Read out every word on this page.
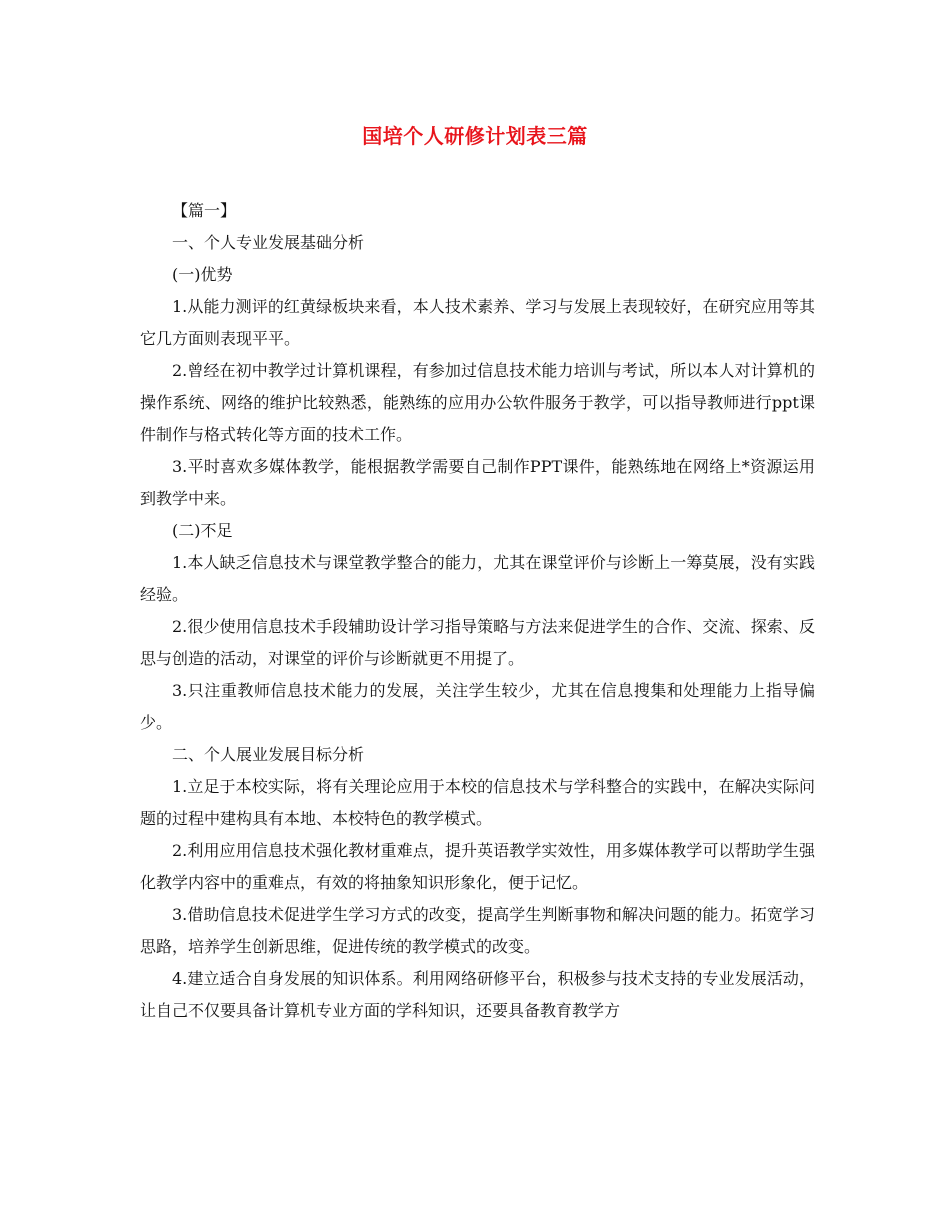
国培个人研修计划表三篇

【篇一】

一、个人专业发展基础分析

(一)优势

1.从能力测评的红黄绿板块来看，本人技术素养、学习与发展上表现较好，在研究应用等其它几方面则表现平平。

2.曾经在初中教学过计算机课程，有参加过信息技术能力培训与考试，所以本人对计算机的操作系统、网络的维护比较熟悉，能熟练的应用办公软件服务于教学，可以指导教师进行ppt课件制作与格式转化等方面的技术工作。

3.平时喜欢多媒体教学，能根据教学需要自己制作PPT课件，能熟练地在网络上*资源运用到教学中来。

(二)不足

1.本人缺乏信息技术与课堂教学整合的能力，尤其在课堂评价与诊断上一筹莫展，没有实践经验。

2.很少使用信息技术手段辅助设计学习指导策略与方法来促进学生的合作、交流、探索、反思与创造的活动，对课堂的评价与诊断就更不用提了。

3.只注重教师信息技术能力的发展，关注学生较少，尤其在信息搜集和处理能力上指导偏少。

二、个人展业发展目标分析

1.立足于本校实际，将有关理论应用于本校的信息技术与学科整合的实践中，在解决实际问题的过程中建构具有本地、本校特色的教学模式。

2.利用应用信息技术强化教材重难点，提升英语教学实效性，用多媒体教学可以帮助学生强化教学内容中的重难点，有效的将抽象知识形象化，便于记忆。

3.借助信息技术促进学生学习方式的改变，提高学生判断事物和解决问题的能力。拓宽学习思路，培养学生创新思维，促进传统的教学模式的改变。

4.建立适合自身发展的知识体系。利用网络研修平台，积极参与技术支持的专业发展活动，让自己不仅要具备计算机专业方面的学科知识，还要具备教育教学方
